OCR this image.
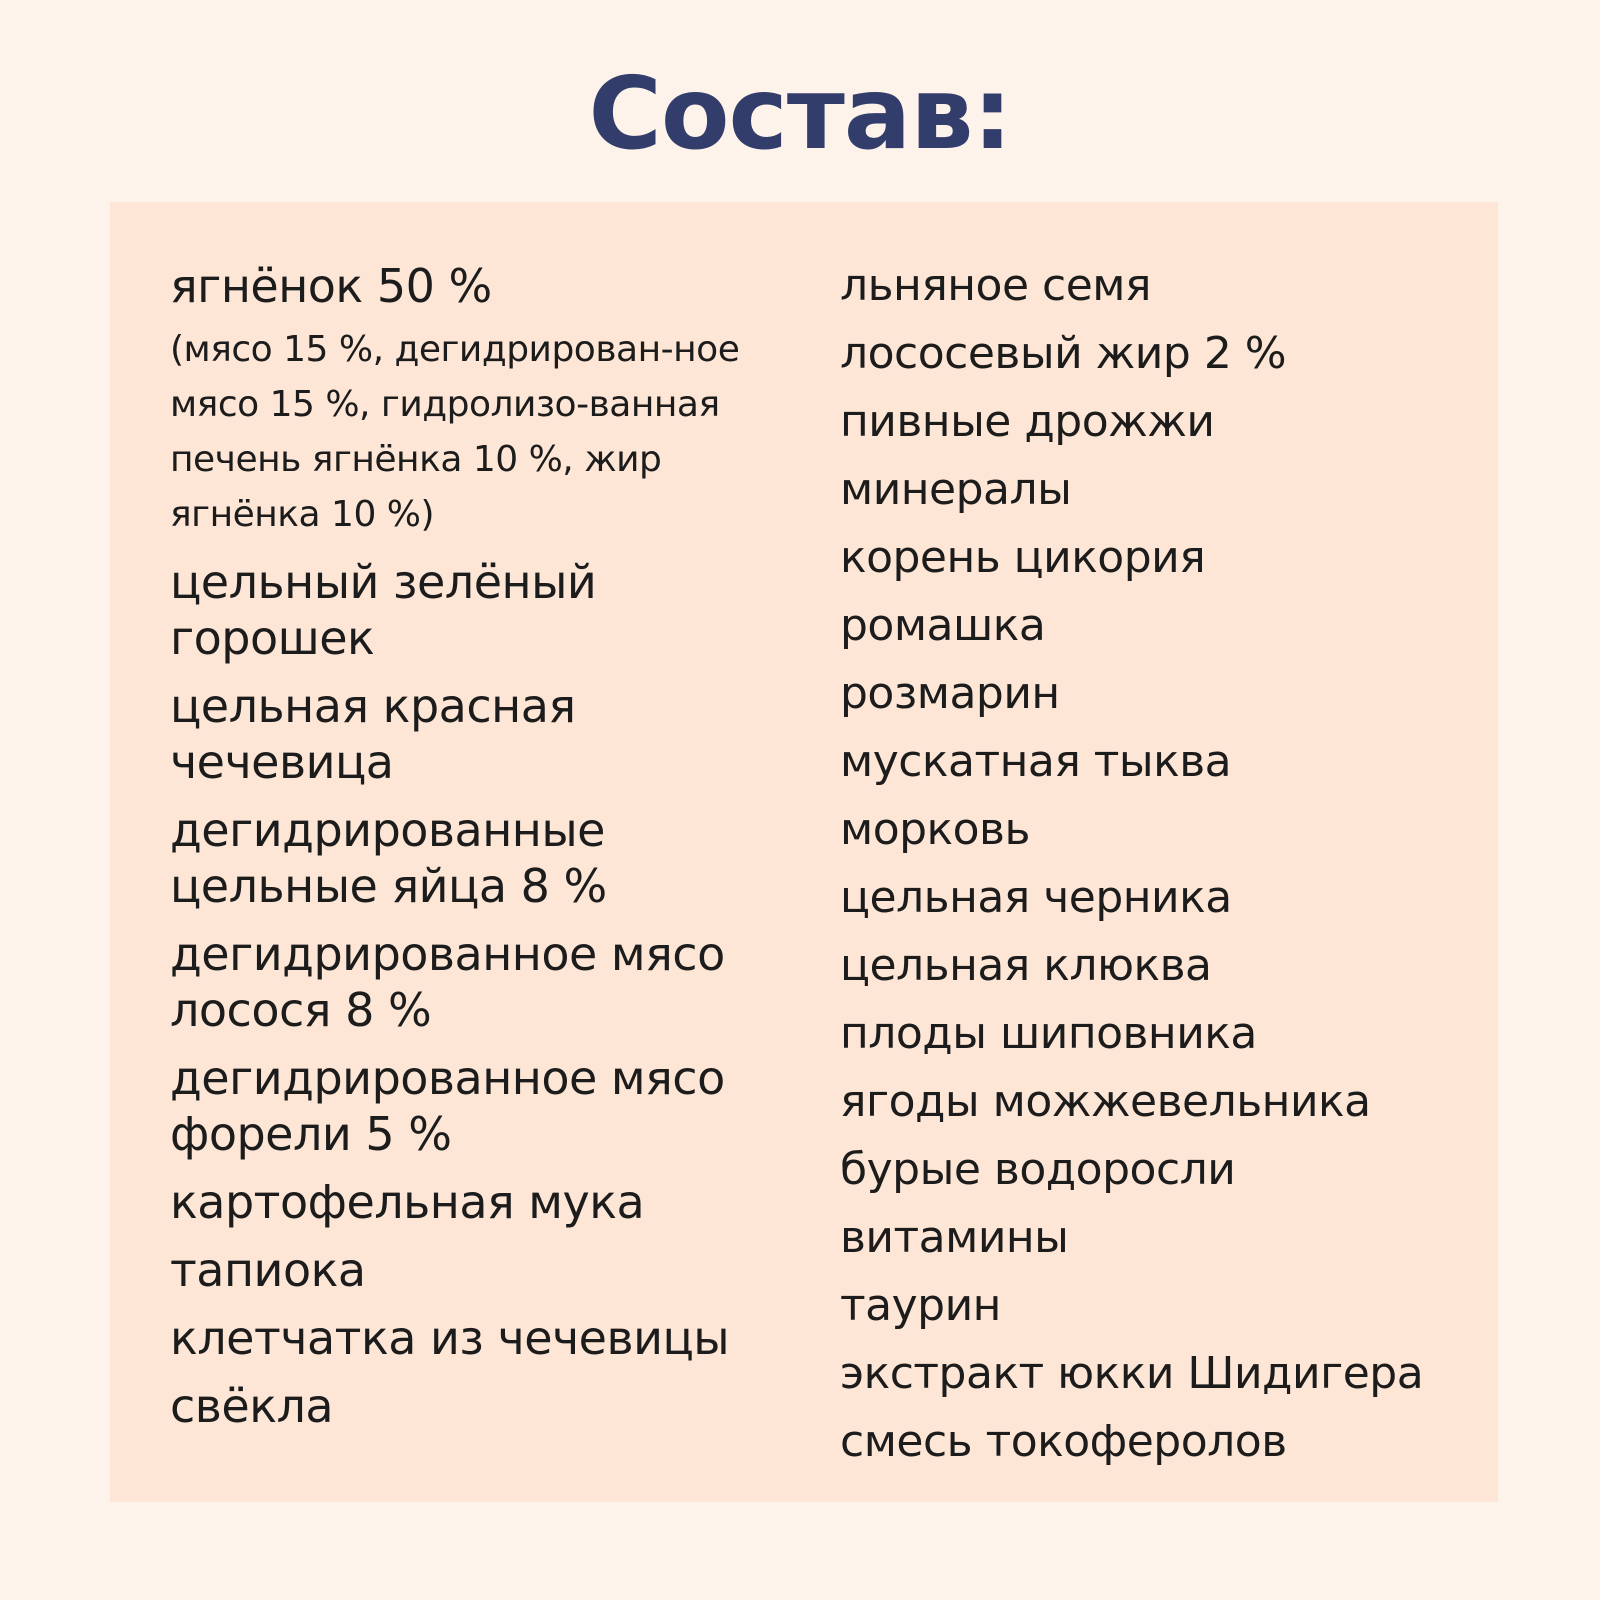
Состав:
ягнёнок 50 %
(мясо 15 %, дегидрирован-ное мясо 15 %, гидролизо-ванная печень ягнёнка 10 %, жир ягнёнка 10 %)
цельный зелёный горошек
цельная красная чечевица
дегидрированные цельные яйца 8 %
дегидрированное мясо лосося 8 %
дегидрированное мясо форели 5 %
картофельная мука
тапиока
клетчатка из чечевицы
свёкла
льняное семя
лососевый жир 2 %
пивные дрожжи
минералы
корень цикория
ромашка
розмарин
мускатная тыква
морковь
цельная черника
цельная клюква
плоды шиповника
ягоды можжевельника
бурые водоросли
витамины
таурин
экстракт юкки Шидигера
смесь токоферолов
